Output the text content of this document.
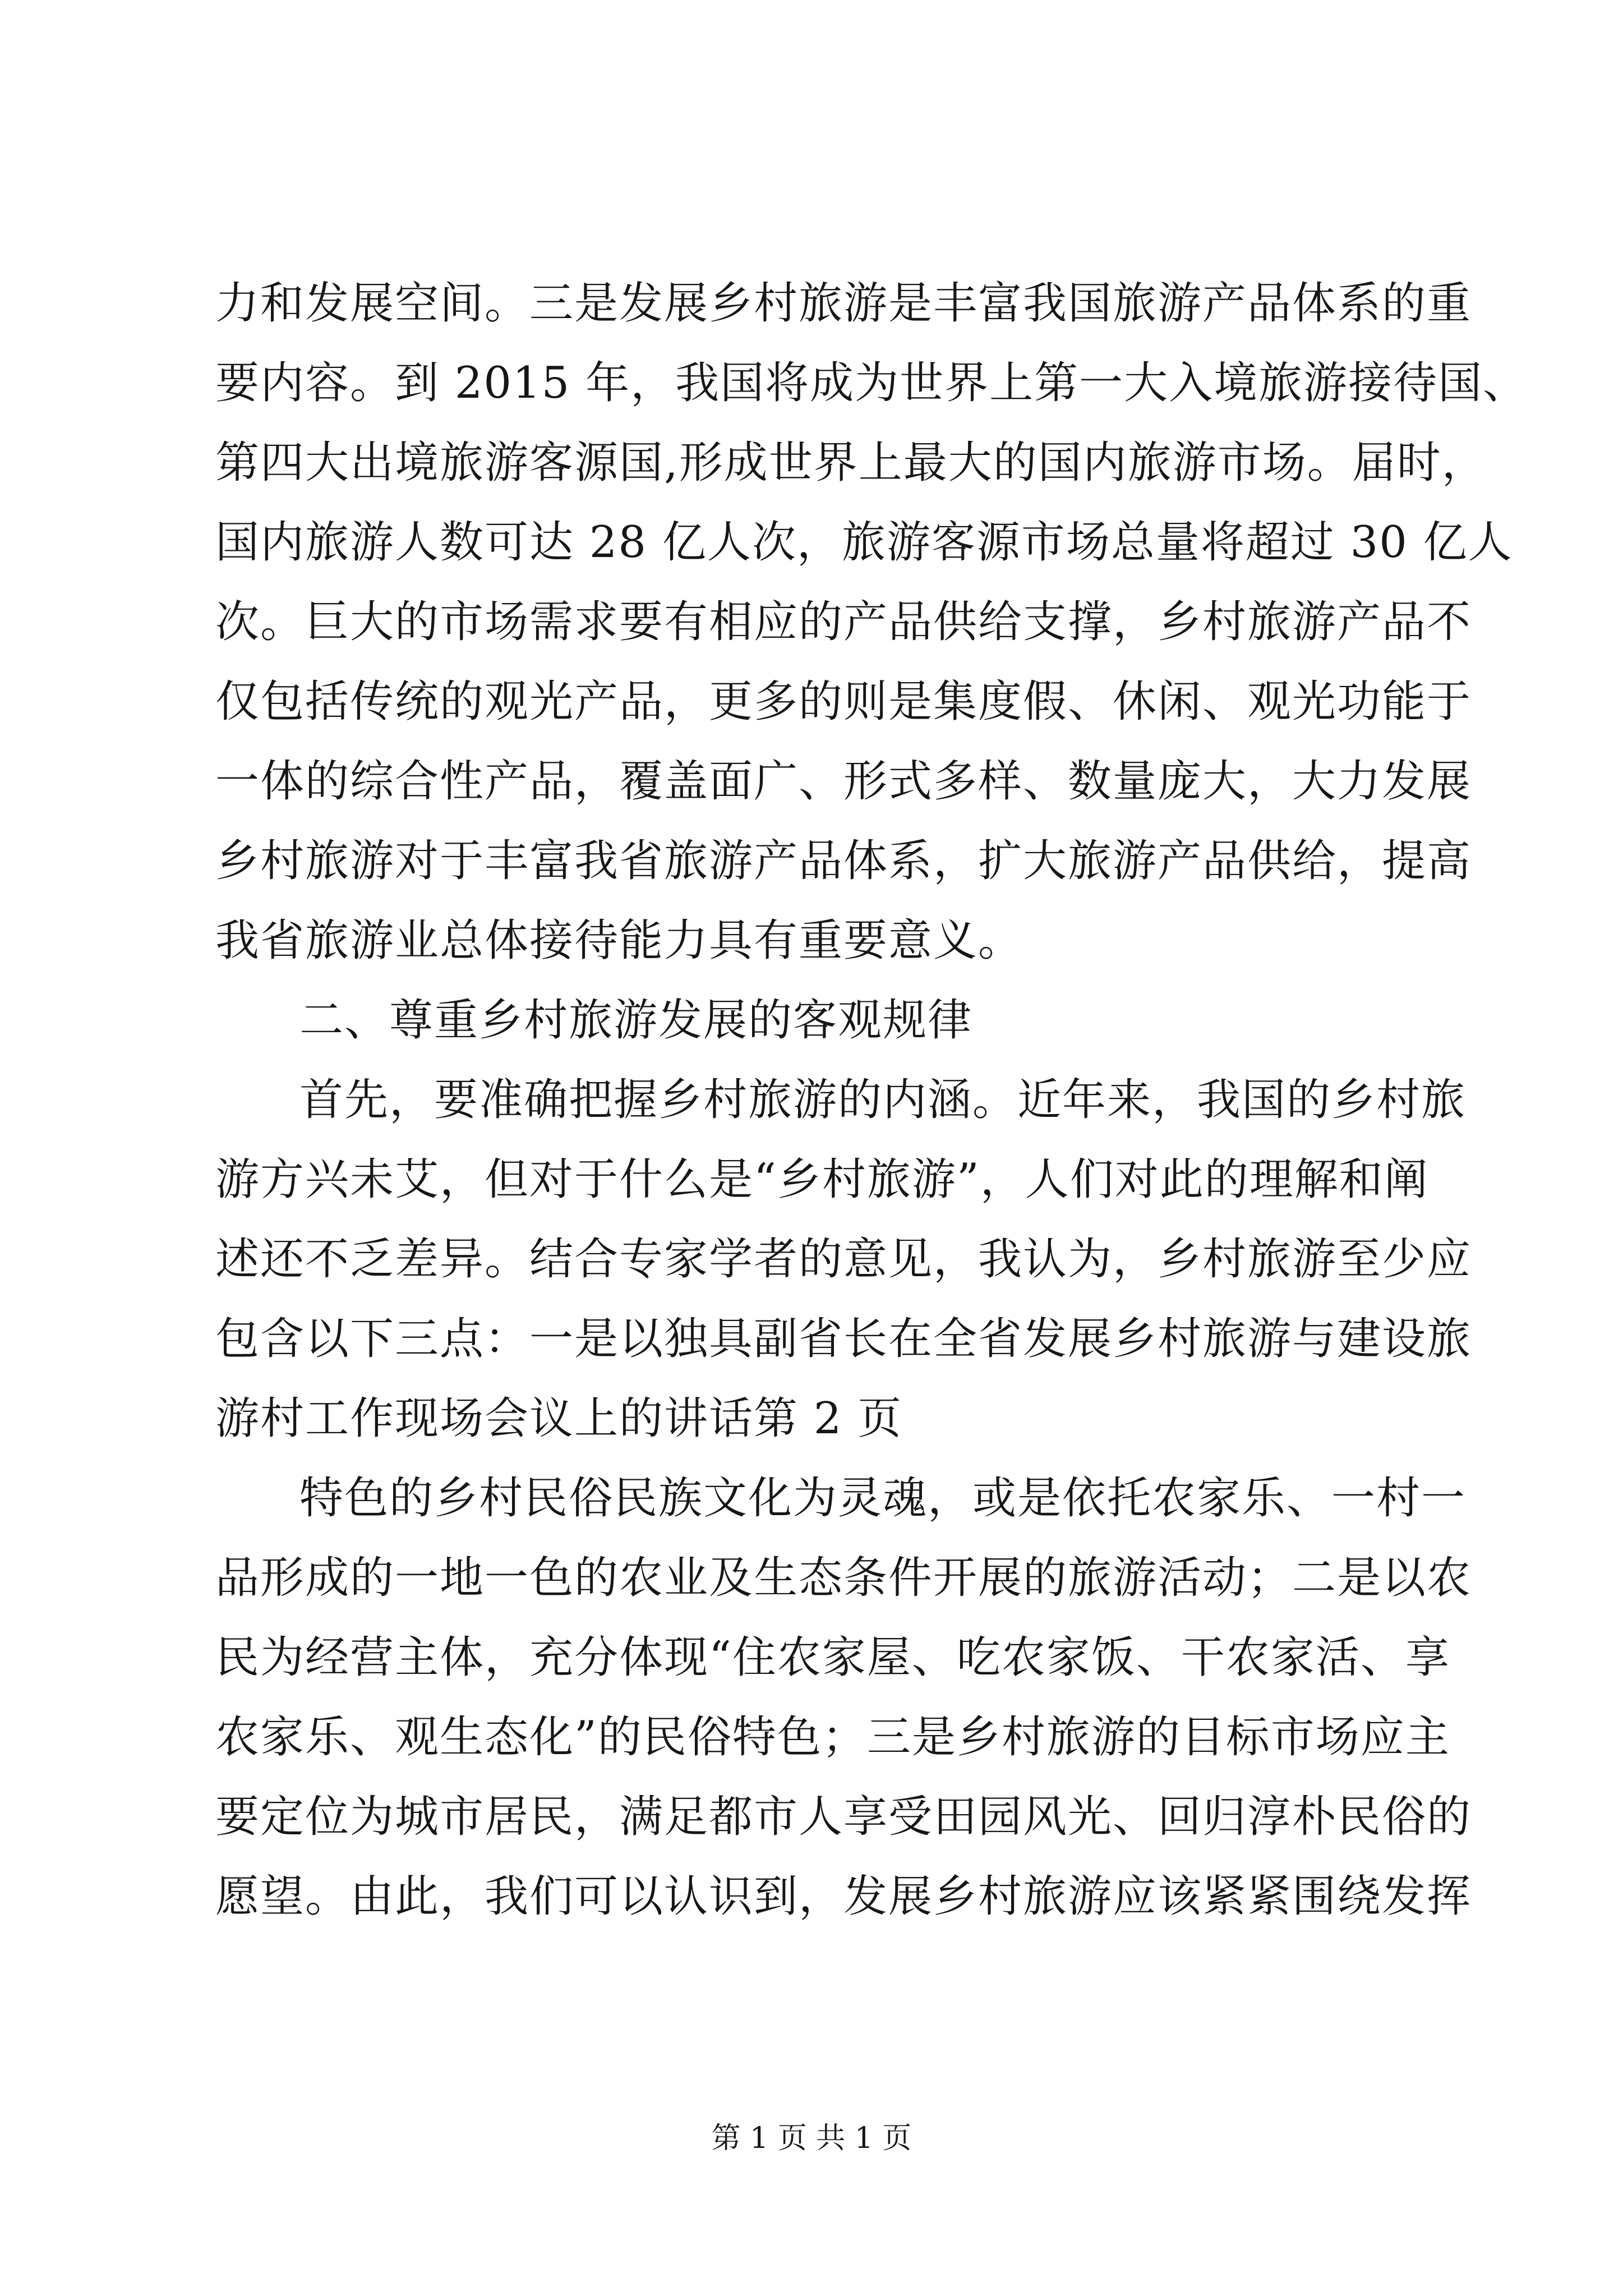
力和发展空间。三是发展乡村旅游是丰富我国旅游产品体系的重
要内容。到 2015 年，我国将成为世界上第一大入境旅游接待国、
第四大出境旅游客源国,形成世界上最大的国内旅游市场。届时，
国内旅游人数可达 28 亿人次，旅游客源市场总量将超过 30 亿人
次。巨大的市场需求要有相应的产品供给支撑，乡村旅游产品不
仅包括传统的观光产品，更多的则是集度假、休闲、观光功能于
一体的综合性产品，覆盖面广、形式多样、数量庞大，大力发展
乡村旅游对于丰富我省旅游产品体系，扩大旅游产品供给，提高
我省旅游业总体接待能力具有重要意义。
二、尊重乡村旅游发展的客观规律
首先，要准确把握乡村旅游的内涵。近年来，我国的乡村旅
游方兴未艾，但对于什么是“乡村旅游”，人们对此的理解和阐
述还不乏差异。结合专家学者的意见，我认为，乡村旅游至少应
包含以下三点：一是以独具副省长在全省发展乡村旅游与建设旅
游村工作现场会议上的讲话第 2 页
特色的乡村民俗民族文化为灵魂，或是依托农家乐、一村一
品形成的一地一色的农业及生态条件开展的旅游活动；二是以农
民为经营主体，充分体现“住农家屋、吃农家饭、干农家活、享
农家乐、观生态化”的民俗特色；三是乡村旅游的目标市场应主
要定位为城市居民，满足都市人享受田园风光、回归淳朴民俗的
愿望。由此，我们可以认识到，发展乡村旅游应该紧紧围绕发挥
第 1 页 共 1 页
